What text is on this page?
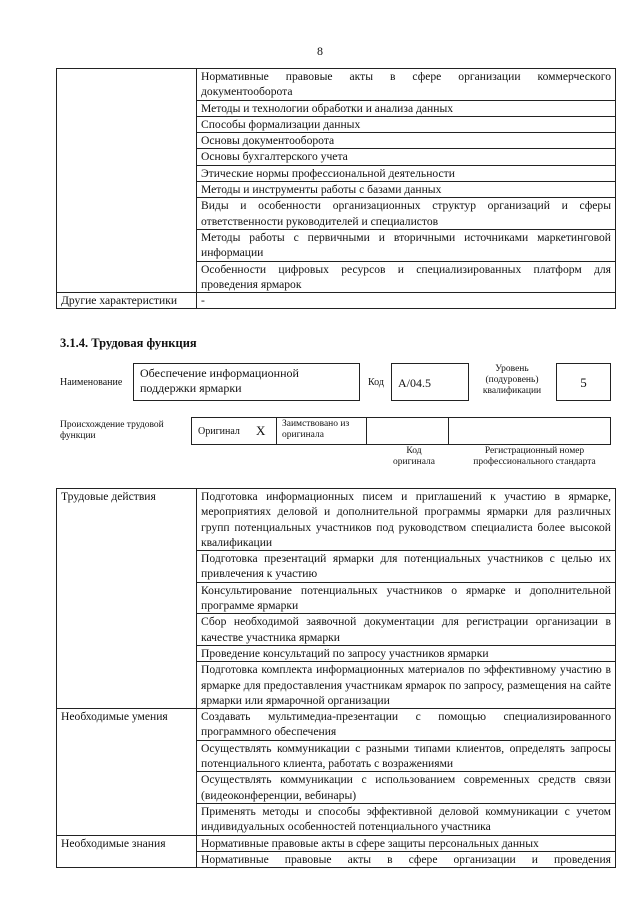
8
	Нормативные правовые акты в сфере организации коммерческого документооборота
	Методы и технологии обработки и анализа данных
	Способы формализации данных
	Основы документооборота
	Основы бухгалтерского учета
	Этические нормы профессиональной деятельности
	Методы и инструменты работы с базами данных
	Виды и особенности организационных структур организаций и сферы ответственности руководителей и специалистов
	Методы работы с первичными и вторичными источниками маркетинговой информации
	Особенности цифровых ресурсов и специализированных платформ для проведения ярмарок
Другие характеристики	-
3.1.4. Трудовая функция
Наименование
Обеспечение информационной поддержки ярмарки	Код	A/04.5
Уровень (подуровень) квалификации
5
Происхождение трудовой функции	Оригинал X Заимствовано из оригинала
Код оригинала
Регистрационный номер профессионального стандарта
Трудовые действия	Подготовка информационных писем и приглашений к участию в ярмарке, мероприятиях деловой и дополнительной программы ярмарки для различных групп потенциальных участников под руководством специалиста более высокой квалификации
	Подготовка презентаций ярмарки для потенциальных участников с целью их привлечения к участию
	Консультирование потенциальных участников о ярмарке и дополнительной программе ярмарки
	Сбор необходимой заявочной документации для регистрации организации в качестве участника ярмарки
	Проведение консультаций по запросу участников ярмарки
	Подготовка комплекта информационных материалов по эффективному участию в ярмарке для предоставления участникам ярмарок по запросу, размещения на сайте ярмарки или ярмарочной организации
Необходимые умения	Создавать мультимедиа-презентации с помощью специализированного программного обеспечения
	Осуществлять коммуникации с разными типами клиентов, определять запросы потенциального клиента, работать с возражениями
	Осуществлять коммуникации с использованием современных средств связи (видеоконференции, вебинары)
	Применять методы и способы эффективной деловой коммуникации с учетом индивидуальных особенностей потенциального участника
Необходимые знания	Нормативные правовые акты в сфере защиты персональных данных
	Нормативные правовые акты в сфере организации и проведения
